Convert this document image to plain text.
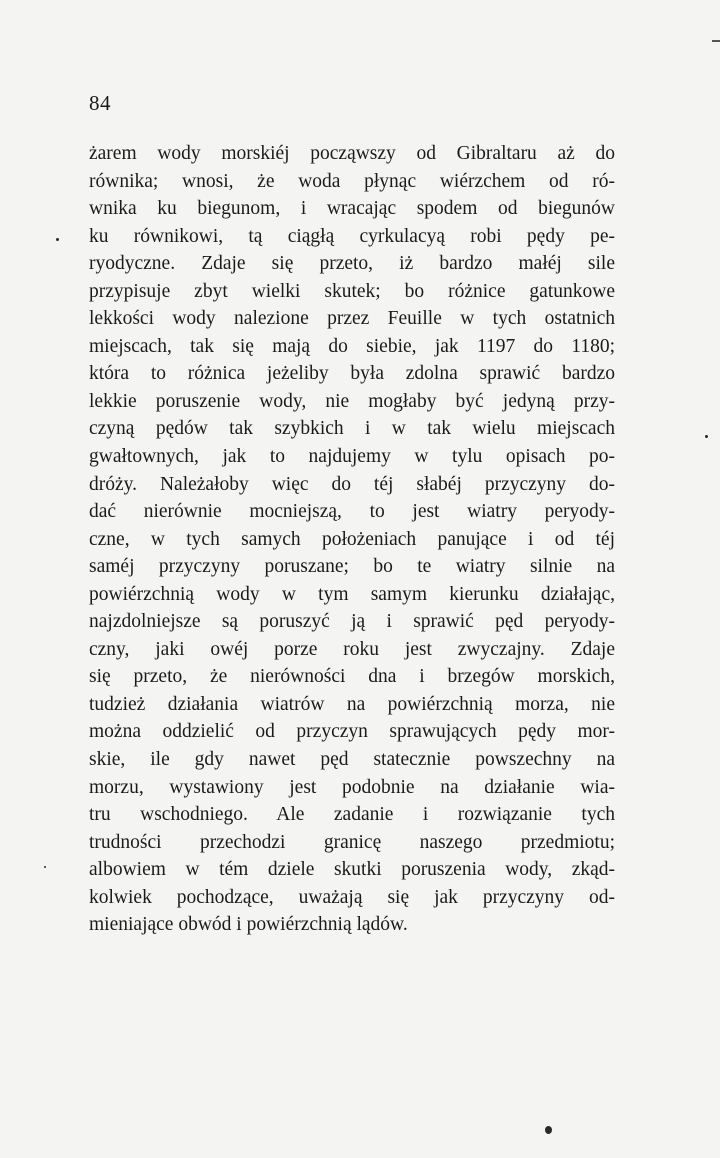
84
żarem wody morskiéj począwszy od Gibraltaru aż do
równika; wnosi, że woda płynąc wiérzchem od ró-
wnika ku biegunom, i wracając spodem od biegunów
ku równikowi, tą ciągłą cyrkulacyą robi pędy pe-
ryodyczne. Zdaje się przeto, iż bardzo małéj sile
przypisuje zbyt wielki skutek; bo różnice gatunkowe
lekkości wody nalezione przez Feuille w tych ostatnich
miejscach, tak się mają do siebie, jak 1197 do 1180;
która to różnica jeżeliby była zdolna sprawić bardzo
lekkie poruszenie wody, nie mogłaby być jedyną przy-
czyną pędów tak szybkich i w tak wielu miejscach
gwałtownych, jak to najdujemy w tylu opisach po-
dróży. Należałoby więc do téj słabéj przyczyny do-
dać nierównie mocniejszą, to jest wiatry peryody-
czne, w tych samych położeniach panujące i od téj
saméj przyczyny poruszane; bo te wiatry silnie na
powiérzchnią wody w tym samym kierunku działając,
najzdolniejsze są poruszyć ją i sprawić pęd peryody-
czny, jaki owéj porze roku jest zwyczajny. Zdaje
się przeto, że nierówności dna i brzegów morskich,
tudzież działania wiatrów na powiérzchnią morza, nie
można oddzielić od przyczyn sprawujących pędy mor-
skie, ile gdy nawet pęd statecznie powszechny na
morzu, wystawiony jest podobnie na działanie wia-
tru wschodniego. Ale zadanie i rozwiązanie tych
trudności przechodzi granicę naszego przedmiotu;
albowiem w tém dziele skutki poruszenia wody, zkąd-
kolwiek pochodzące, uważają się jak przyczyny od-
mieniające obwód i powiérzchnią lądów.
